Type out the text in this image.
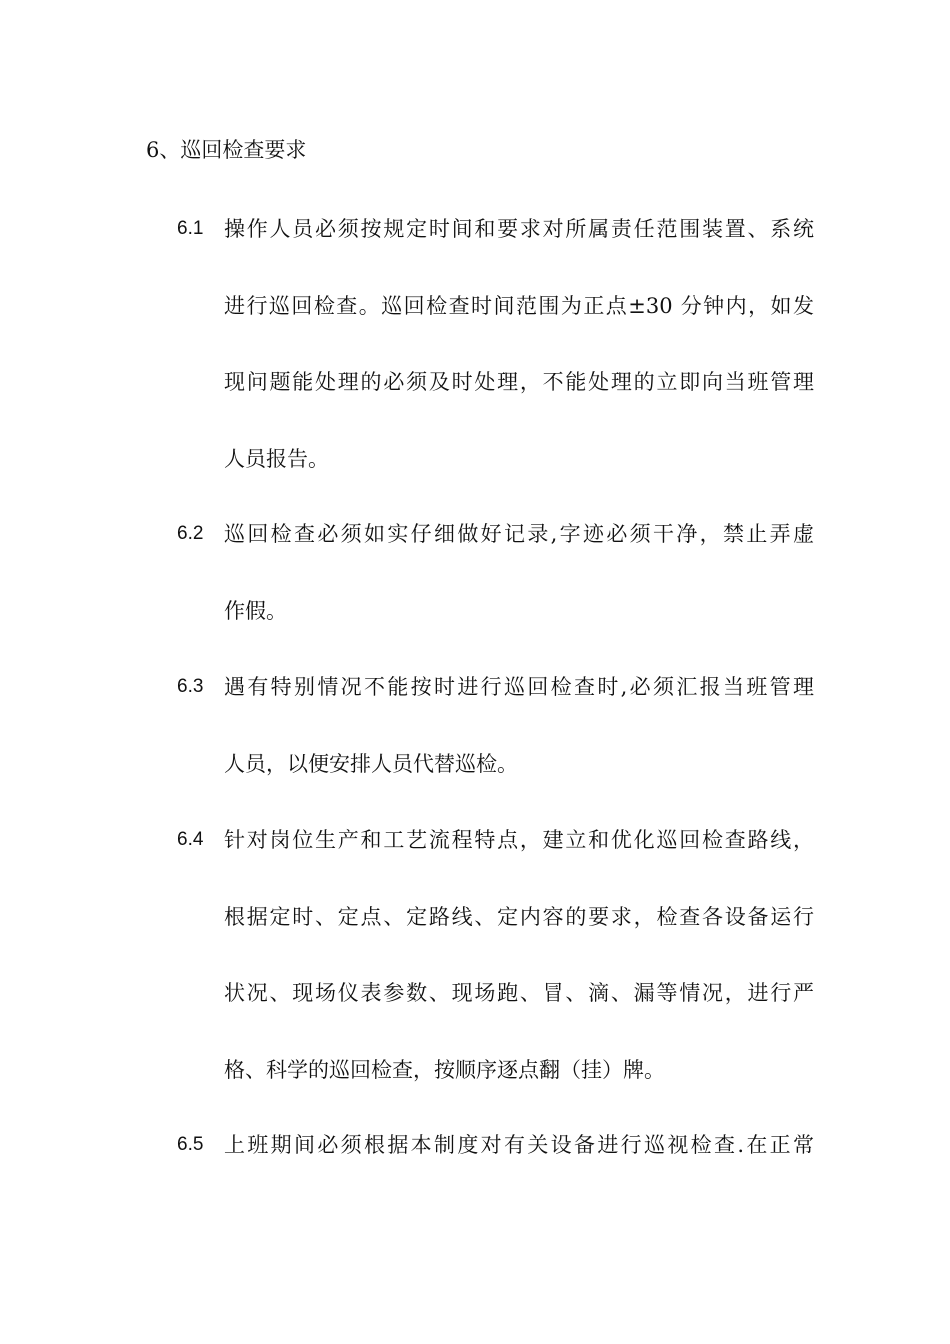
6、巡回检查要求
6.1 操作人员必须按规定时间和要求对所属责任范围装置、系统
进行巡回检查。巡回检查时间范围为正点±30 分钟内，如发
现问题能处理的必须及时处理，不能处理的立即向当班管理
人员报告。
6.2 巡回检查必须如实仔细做好记录,字迹必须干净，禁止弄虚
作假。
6.3 遇有特别情况不能按时进行巡回检查时,必须汇报当班管理
人员，以便安排人员代替巡检。
6.4 针对岗位生产和工艺流程特点，建立和优化巡回检查路线，
根据定时、定点、定路线、定内容的要求，检查各设备运行
状况、现场仪表参数、现场跑、冒、滴、漏等情况，进行严
格、科学的巡回检查，按顺序逐点翻（挂）牌。
6.5 上班期间必须根据本制度对有关设备进行巡视检查.在正常
